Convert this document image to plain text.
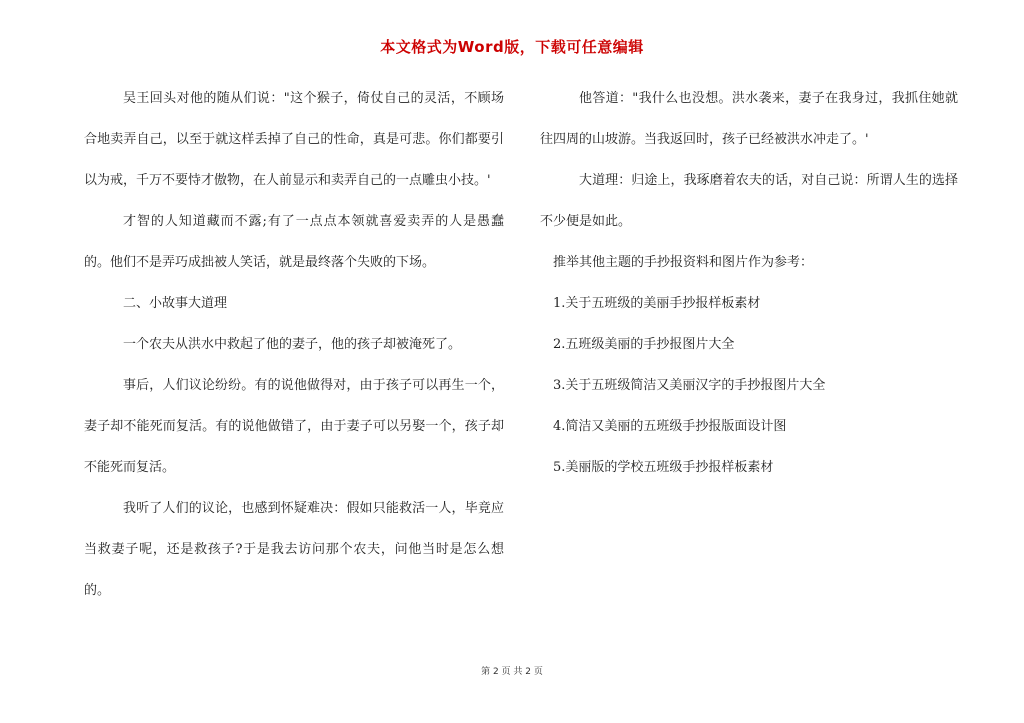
本文格式为Word版，下载可任意编辑

吴王回头对他的随从们说："这个猴子，倚仗自己的灵活，不顾场合地卖弄自己，以至于就这样丢掉了自己的性命，真是可悲。你们都要引以为戒，千万不要恃才傲物，在人前显示和卖弄自己的一点雕虫小技。'

才智的人知道藏而不露;有了一点点本领就喜爱卖弄的人是愚蠢的。他们不是弄巧成拙被人笑话，就是最终落个失败的下场。

二、小故事大道理

一个农夫从洪水中救起了他的妻子，他的孩子却被淹死了。

事后，人们议论纷纷。有的说他做得对，由于孩子可以再生一个，妻子却不能死而复活。有的说他做错了，由于妻子可以另娶一个，孩子却不能死而复活。

我听了人们的议论，也感到怀疑难决：假如只能救活一人，毕竟应当救妻子呢，还是救孩子?于是我去访问那个农夫，问他当时是怎么想的。

他答道："我什么也没想。洪水袭来，妻子在我身过，我抓住她就往四周的山坡游。当我返回时，孩子已经被洪水冲走了。'

大道理：归途上，我琢磨着农夫的话，对自己说：所谓人生的选择不少便是如此。

推举其他主题的手抄报资料和图片作为参考：

1.关于五班级的美丽手抄报样板素材
2.五班级美丽的手抄报图片大全
3.关于五班级简洁又美丽汉字的手抄报图片大全
4.简洁又美丽的五班级手抄报版面设计图
5.美丽版的学校五班级手抄报样板素材
第 2 页 共 2 页
